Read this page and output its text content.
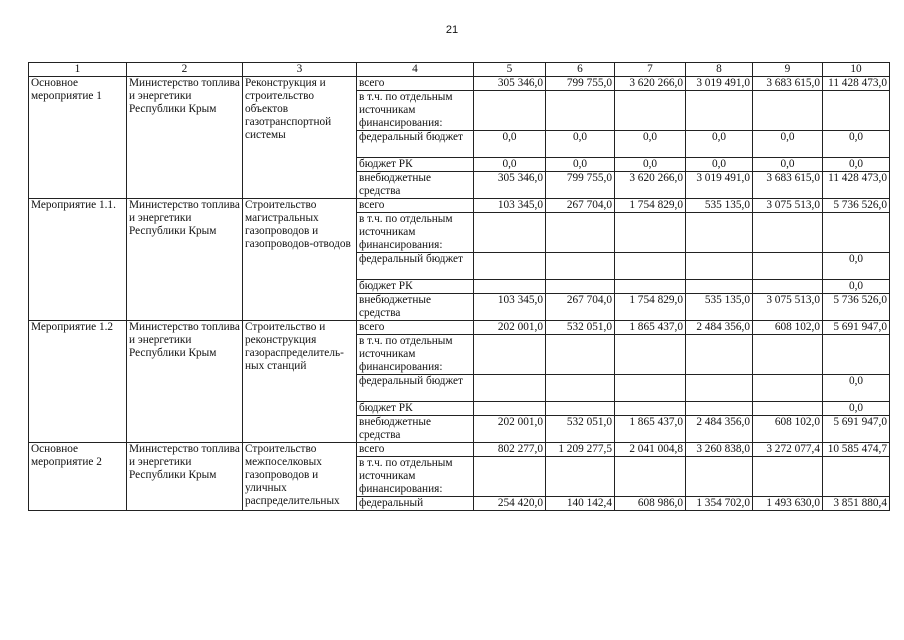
21
1	2	3	4	5	6	7	8	9	10
Основное мероприятие 1	Министерство топлива и энергетики Республики Крым	Реконструкция и строительство объектов газотранспортной системы	всего	305 346,0	799 755,0	3 620 266,0	3 019 491,0	3 683 615,0	11 428 473,0
			в т.ч. по отдельным источникам финансирования:						
			федеральный бюджет	0,0	0,0	0,0	0,0	0,0	0,0
			бюджет РК	0,0	0,0	0,0	0,0	0,0	0,0
			внебюджетные средства	305 346,0	799 755,0	3 620 266,0	3 019 491,0	3 683 615,0	11 428 473,0
Мероприятие 1.1.	Министерство топлива и энергетики Республики Крым	Строительство магистральных газопроводов и газопроводов-отводов	всего	103 345,0	267 704,0	1 754 829,0	535 135,0	3 075 513,0	5 736 526,0
			в т.ч. по отдельным источникам финансирования:						
			федеральный бюджет						0,0
			бюджет РК						0,0
			внебюджетные средства	103 345,0	267 704,0	1 754 829,0	535 135,0	3 075 513,0	5 736 526,0
Мероприятие 1.2	Министерство топлива и энергетики Республики Крым	Строительство и реконструкция газораспределитель-ных станций	всего	202 001,0	532 051,0	1 865 437,0	2 484 356,0	608 102,0	5 691 947,0
			в т.ч. по отдельным источникам финансирования:						
			федеральный бюджет						0,0
			бюджет РК						0,0
			внебюджетные средства	202 001,0	532 051,0	1 865 437,0	2 484 356,0	608 102,0	5 691 947,0
Основное мероприятие 2	Министерство топлива и энергетики Республики Крым	Строительство межпоселковых газопроводов и уличных распределительных	всего	802 277,0	1 209 277,5	2 041 004,8	3 260 838,0	3 272 077,4	10 585 474,7
			в т.ч. по отдельным источникам финансирования:						
			федеральный	254 420,0	140 142,4	608 986,0	1 354 702,0	1 493 630,0	3 851 880,4
